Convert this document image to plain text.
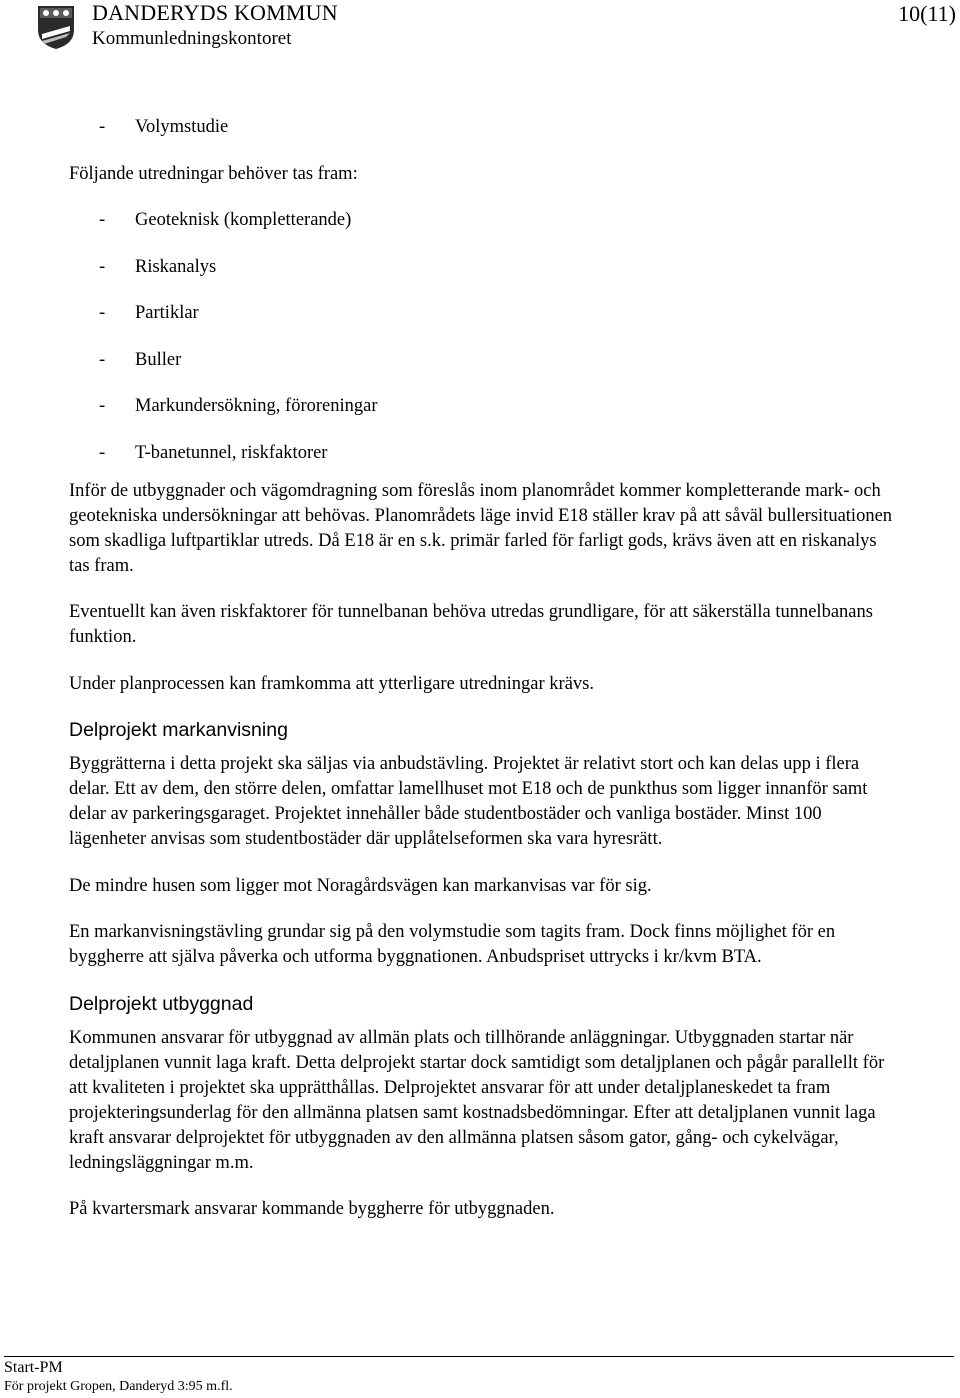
DANDERYDS KOMMUN
Kommunledningskontoret
10(11)
-	Volymstudie

Följande utredningar behöver tas fram:

-	Geoteknisk (kompletterande)
-	Riskanalys
-	Partiklar
-	Buller
-	Markundersökning, föroreningar
-	T-banetunnel, riskfaktorer

Inför de utbyggnader och vägomdragning som föreslås inom planområdet kommer kompletterande mark- och geotekniska undersökningar att behövas. Planområdets läge invid E18 ställer krav på att såväl bullersituationen som skadliga luftpartiklar utreds. Då E18 är en s.k. primär farled för farligt gods, krävs även att en riskanalys tas fram.

Eventuellt kan även riskfaktorer för tunnelbanan behöva utredas grundligare, för att säkerställa tunnelbanans funktion.

Under planprocessen kan framkomma att ytterligare utredningar krävs.

Delprojekt markanvisning

Byggrätterna i detta projekt ska säljas via anbudstävling. Projektet är relativt stort och kan delas upp i flera delar. Ett av dem, den större delen, omfattar lamellhuset mot E18 och de punkthus som ligger innanför samt delar av parkeringsgaraget. Projektet innehåller både studentbostäder och vanliga bostäder. Minst 100 lägenheter anvisas som studentbostäder där upplåtelseformen ska vara hyresrätt.

De mindre husen som ligger mot Noragårdsvägen kan markanvisas var för sig.

En markanvisningstävling grundar sig på den volymstudie som tagits fram. Dock finns möjlighet för en byggherre att själva påverka och utforma byggnationen. Anbudspriset uttrycks i kr/kvm BTA.

Delprojekt utbyggnad

Kommunen ansvarar för utbyggnad av allmän plats och tillhörande anläggningar. Utbyggnaden startar när detaljplanen vunnit laga kraft. Detta delprojekt startar dock samtidigt som detaljplanen och pågår parallellt för att kvaliteten i projektet ska upprätthållas. Delprojektet ansvarar för att under detaljplaneskedet ta fram projekteringsunderlag för den allmänna platsen samt kostnadsbedömningar. Efter att detaljplanen vunnit laga kraft ansvarar delprojektet för utbyggnaden av den allmänna platsen såsom gator, gång- och cykelvägar, ledningsläggningar m.m.

På kvartersmark ansvarar kommande byggherre för utbyggnaden.

Start-PM
För projekt Gropen, Danderyd 3:95 m.fl.
